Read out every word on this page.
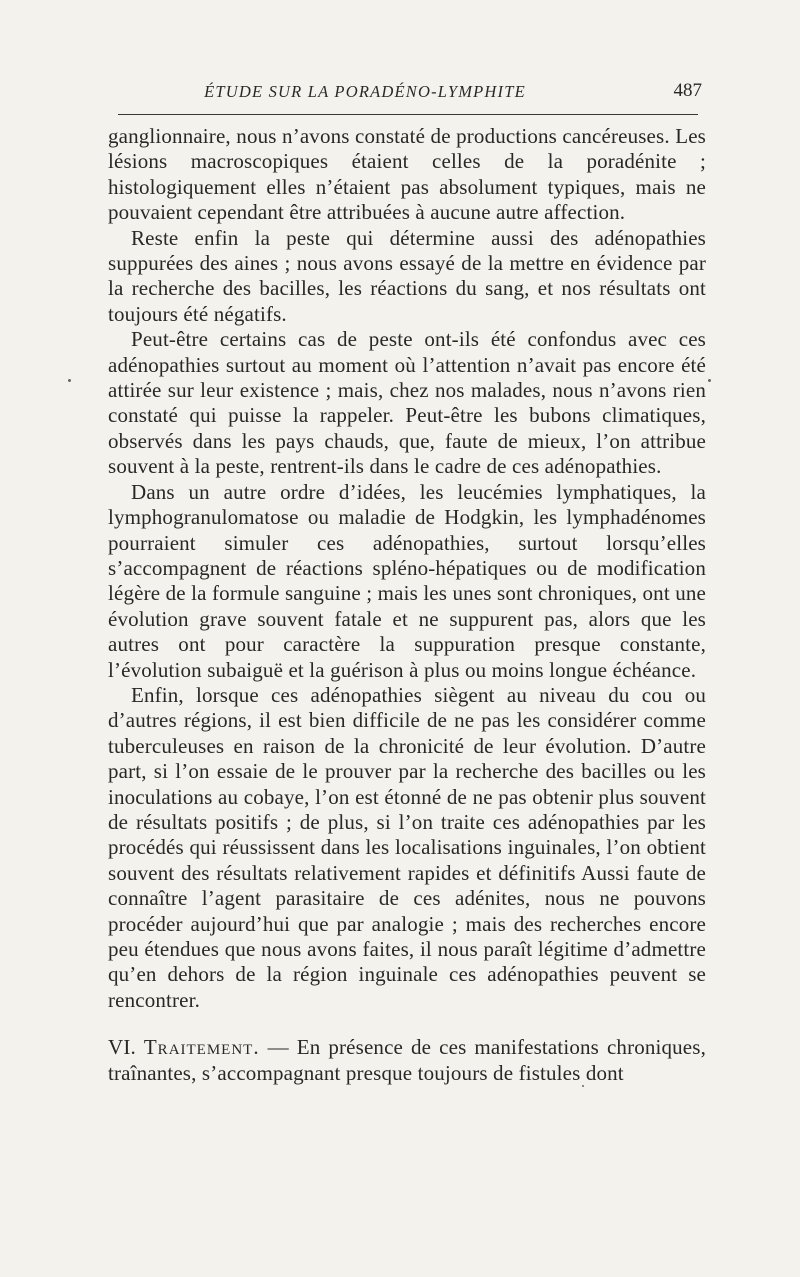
ÉTUDE SUR LA PORADÉNO-LYMPHITE	487

ganglionnaire, nous n’avons constaté de productions cancéreuses. Les lésions macroscopiques étaient celles de la poradénite ; histologiquement elles n’étaient pas absolument typiques, mais ne pouvaient cependant être attribuées à aucune autre affection.

Reste enfin la peste qui détermine aussi des adénopathies suppurées des aines ; nous avons essayé de la mettre en évidence par la recherche des bacilles, les réactions du sang, et nos résultats ont toujours été négatifs.

Peut-être certains cas de peste ont-ils été confondus avec ces adénopathies surtout au moment où l’attention n’avait pas encore été attirée sur leur existence ; mais, chez nos malades, nous n’avons rien constaté qui puisse la rappeler. Peut-être les bubons climatiques, observés dans les pays chauds, que, faute de mieux, l’on attribue souvent à la peste, rentrent-ils dans le cadre de ces adénopathies.

Dans un autre ordre d’idées, les leucémies lymphatiques, la lymphogranulomatose ou maladie de Hodgkin, les lymphadénomes pourraient simuler ces adénopathies, surtout lorsqu’elles s’accompagnent de réactions spléno-hépatiques ou de modification légère de la formule sanguine ; mais les unes sont chroniques, ont une évolution grave souvent fatale et ne suppurent pas, alors que les autres ont pour caractère la suppuration presque constante, l’évolution subaiguë et la guérison à plus ou moins longue échéance.

Enfin, lorsque ces adénopathies siègent au niveau du cou ou d’autres régions, il est bien difficile de ne pas les considérer comme tuberculeuses en raison de la chronicité de leur évolution. D’autre part, si l’on essaie de le prouver par la recherche des bacilles ou les inoculations au cobaye, l’on est étonné de ne pas obtenir plus souvent de résultats positifs ; de plus, si l’on traite ces adénopathies par les procédés qui réussissent dans les localisations inguinales, l’on obtient souvent des résultats relativement rapides et définitifs Aussi faute de connaître l’agent parasitaire de ces adénites, nous ne pouvons procéder aujourd’hui que par analogie ; mais des recherches encore peu étendues que nous avons faites, il nous paraît légitime d’admettre qu’en dehors de la région inguinale ces adénopathies peuvent se rencontrer.

VI. Traitement. — En présence de ces manifestations chroniques, traînantes, s’accompagnant presque toujours de fistules dont
